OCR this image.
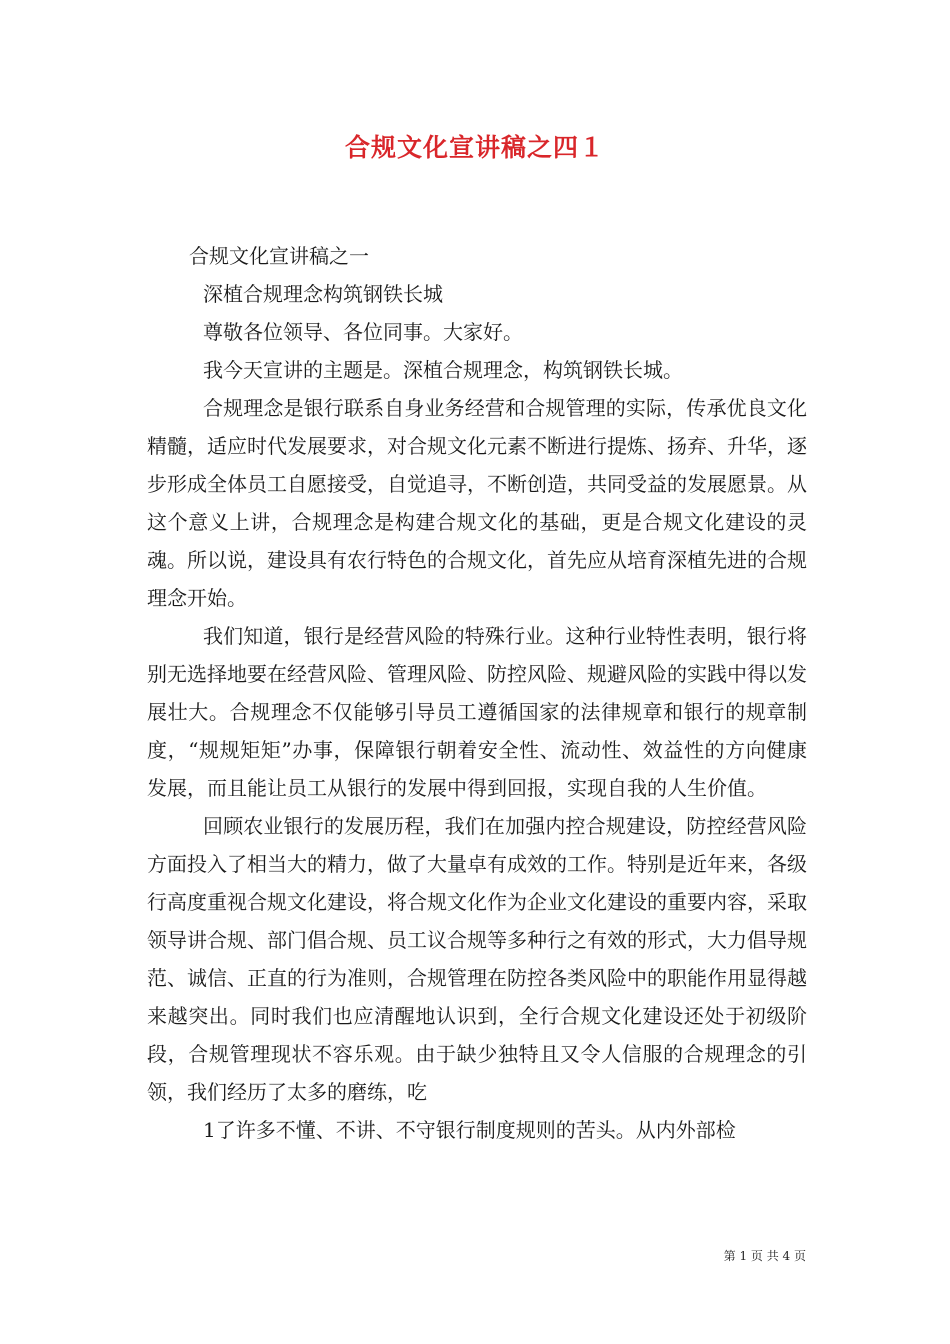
合规文化宣讲稿之四１

合规文化宣讲稿之一

深植合规理念构筑钢铁长城

尊敬各位领导、各位同事。大家好。

我今天宣讲的主题是。深植合规理念，构筑钢铁长城。

合规理念是银行联系自身业务经营和合规管理的实际，传承优良文化精髓，适应时代发展要求，对合规文化元素不断进行提炼、扬弃、升华，逐步形成全体员工自愿接受，自觉追寻，不断创造，共同受益的发展愿景。从这个意义上讲，合规理念是构建合规文化的基础，更是合规文化建设的灵魂。所以说，建设具有农行特色的合规文化，首先应从培育深植先进的合规理念开始。

我们知道，银行是经营风险的特殊行业。这种行业特性表明，银行将别无选择地要在经营风险、管理风险、防控风险、规避风险的实践中得以发展壮大。合规理念不仅能够引导员工遵循国家的法律规章和银行的规章制度，“规规矩矩”办事，保障银行朝着安全性、流动性、效益性的方向健康发展，而且能让员工从银行的发展中得到回报，实现自我的人生价值。

回顾农业银行的发展历程，我们在加强内控合规建设，防控经营风险方面投入了相当大的精力，做了大量卓有成效的工作。特别是近年来，各级行高度重视合规文化建设，将合规文化作为企业文化建设的重要内容，采取领导讲合规、部门倡合规、员工议合规等多种行之有效的形式，大力倡导规范、诚信、正直的行为准则，合规管理在防控各类风险中的职能作用显得越来越突出。同时我们也应清醒地认识到，全行合规文化建设还处于初级阶段，合规管理现状不容乐观。由于缺少独特且又令人信服的合规理念的引领，我们经历了太多的磨练，吃

1了许多不懂、不讲、不守银行制度规则的苦头。从内外部检

第 1 页 共 4 页
